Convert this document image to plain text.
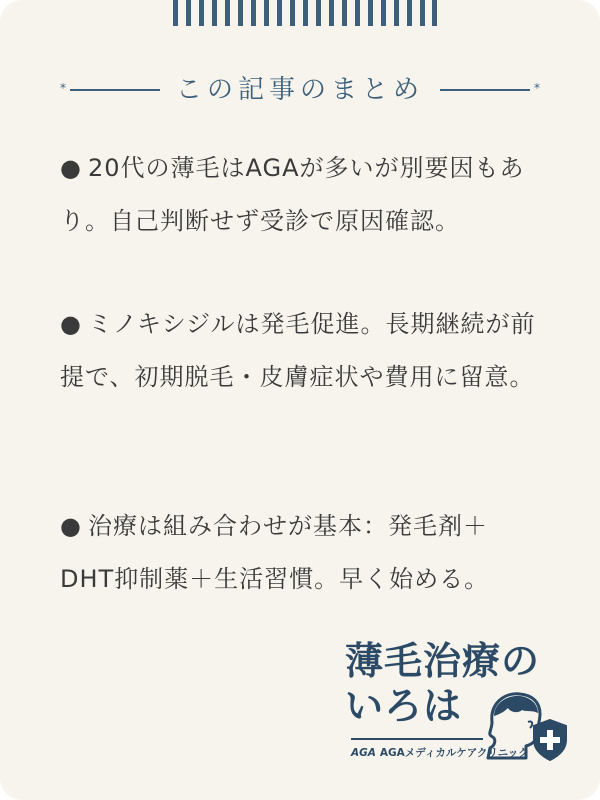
*	この記事のまとめ	*
● 20代の薄毛はAGAが多いが別要因もあり。自己判断せず受診で原因確認。
● ミノキシジルは発毛促進。長期継続が前提で、初期脱毛・皮膚症状や費用に留意。
● 治療は組み合わせが基本：発毛剤＋DHT抑制薬＋生活習慣。早く始める。
薄毛治療の
いろは
AGA AGAメディカルケアクリニック
